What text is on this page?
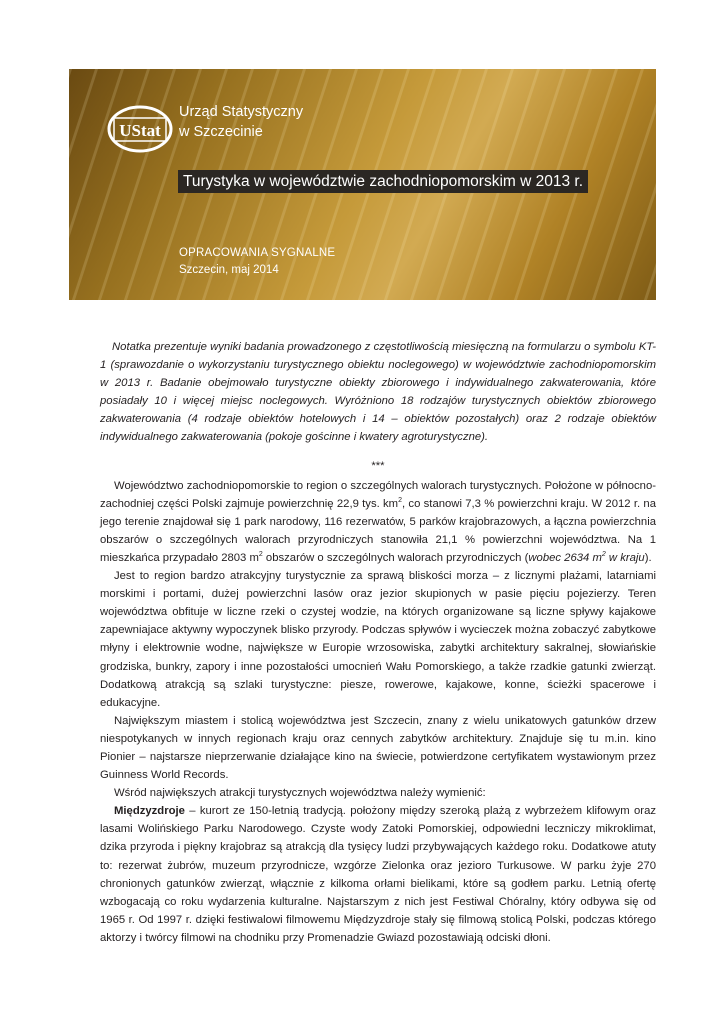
UStat
Urząd Statystyczny
w Szczecinie
Turystyka w województwie zachodniopomorskim w 2013 r.
OPRACOWANIA SYGNALNE
Szczecin, maj 2014

Notatka prezentuje wyniki badania prowadzonego z częstotliwością miesięczną na formularzu o symbolu KT-1 (sprawozdanie o wykorzystaniu turystycznego obiektu noclegowego) w województwie zachodniopomorskim w 2013 r. Badanie obejmowało turystyczne obiekty zbiorowego i indywidualnego zakwaterowania, które posiadały 10 i więcej miejsc noclegowych. Wyróżniono 18 rodzajów turystycznych obiektów zbiorowego zakwaterowania (4 rodzaje obiektów hotelowych i 14 – obiektów pozostałych) oraz 2 rodzaje obiektów indywidualnego zakwaterowania (pokoje gościnne i kwatery agroturystyczne).

***

Województwo zachodniopomorskie to region o szczególnych walorach turystycznych. Położone w północno-zachodniej części Polski zajmuje powierzchnię 22,9 tys. $km^2$, co stanowi 7,3 % powierzchni kraju. W 2012 r. na jego terenie znajdował się 1 park narodowy, 116 rezerwatów, 5 parków krajobrazowych, a łączna powierzchnia obszarów o szczególnych walorach przyrodniczych stanowiła 21,1 % powierzchni województwa. Na 1 mieszkańca przypadało 2803 $m^2$ obszarów o szczególnych walorach przyrodniczych (wobec 2634 $m^2$ w kraju).

Jest to region bardzo atrakcyjny turystycznie za sprawą bliskości morza – z licznymi plażami, latarniami morskimi i portami, dużej powierzchni lasów oraz jezior skupionych w pasie pięciu pojezierzy. Teren województwa obfituje w liczne rzeki o czystej wodzie, na których organizowane są liczne spływy kajakowe zapewniajace aktywny wypoczynek blisko przyrody. Podczas spływów i wycieczek można zobaczyć zabytkowe młyny i elektrownie wodne, największe w Europie wrzosowiska, zabytki architektury sakralnej, słowiańskie grodziska, bunkry, zapory i inne pozostałości umocnień Wału Pomorskiego, a także rzadkie gatunki zwierząt. Dodatkową atrakcją są szlaki turystyczne: piesze, rowerowe, kajakowe, konne, ścieżki spacerowe i edukacyjne.

Największym miastem i stolicą województwa jest Szczecin, znany z wielu unikatowych gatunków drzew niespotykanych w innych regionach kraju oraz cennych zabytków architektury. Znajduje się tu m.in. kino Pionier – najstarsze nieprzerwanie działające kino na świecie, potwierdzone certyfikatem wystawionym przez Guinness World Records.

Wśród największych atrakcji turystycznych województwa należy wymienić:

Międzyzdroje – kurort ze 150-letnią tradycją. położony między szeroką plażą z wybrzeżem klifowym oraz lasami Wolińskiego Parku Narodowego. Czyste wody Zatoki Pomorskiej, odpowiedni leczniczy mikroklimat, dzika przyroda i piękny krajobraz są atrakcją dla tysięcy ludzi przybywających każdego roku. Dodatkowe atuty to: rezerwat żubrów, muzeum przyrodnicze, wzgórze Zielonka oraz jezioro Turkusowe. W parku żyje 270 chronionych gatunków zwierząt, włącznie z kilkoma orłami bielikami, które są godłem parku. Letnią ofertę wzbogacają co roku wydarzenia kulturalne. Najstarszym z nich jest Festiwal Chóralny, który odbywa się od 1965 r. Od 1997 r. dzięki festiwalowi filmowemu Międzyzdroje stały się filmową stolicą Polski, podczas którego aktorzy i twórcy filmowi na chodniku przy Promenadzie Gwiazd pozostawiają odciski dłoni.
